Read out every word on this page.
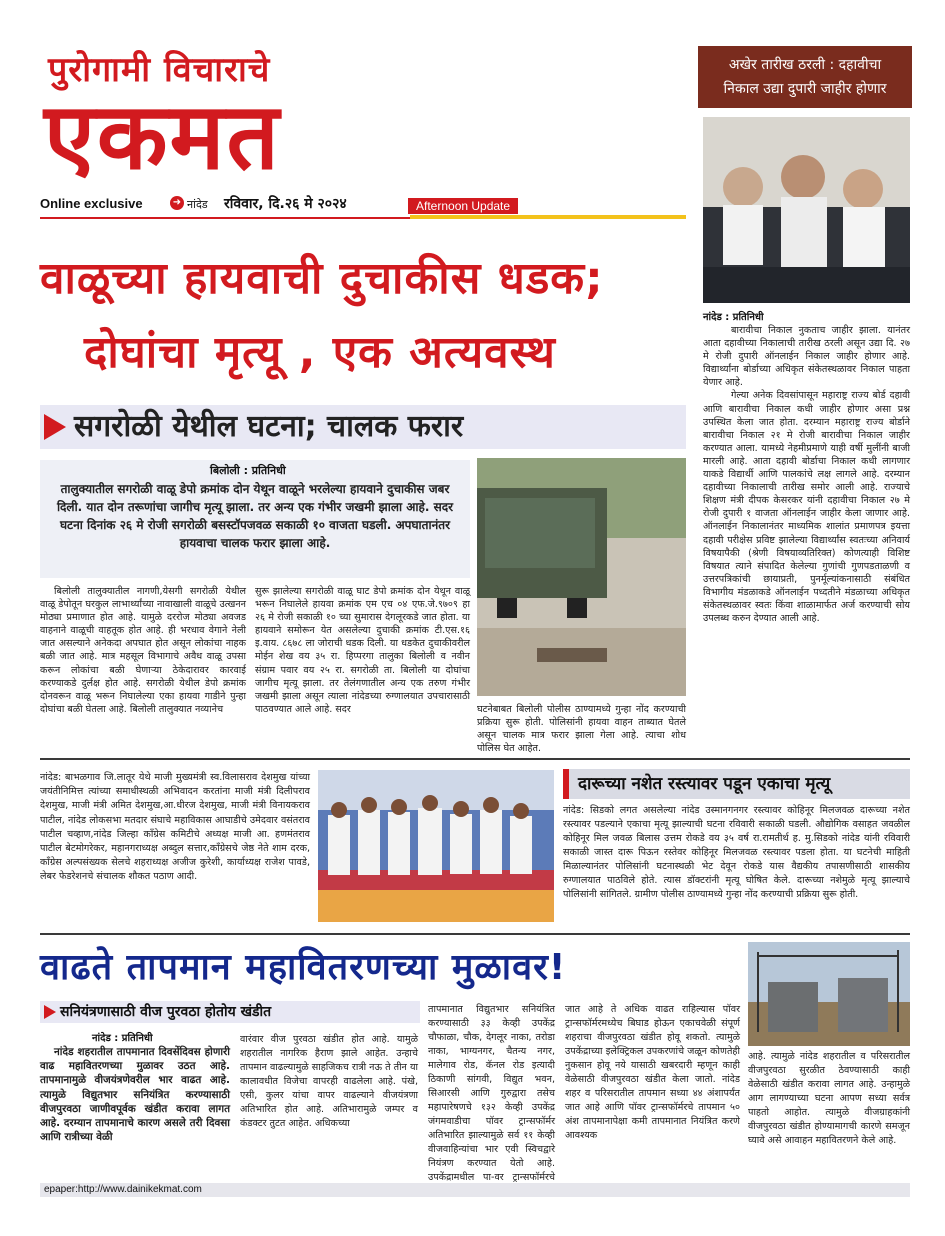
पुरोगामी विचाराचे
एकमत
Online exclusive	➜ नांदेड रविवार, दि.२६ मे २०२४	Afternoon Update
अखेर तारीख ठरली : दहावीचा
निकाल उद्या दुपारी जाहीर होणार
नांदेड : प्रतिनिधी

बारावीचा निकाल नुकताच जाहीर झाला. यानंतर आता दहावीच्या निकालाची तारीख ठरली असून उद्या दि. २७ मे रोजी दुपारी ऑनलाईन निकाल जाहीर होणार आहे. विद्यार्थ्यांना बोर्डाच्या अधिकृत संकेतस्थळावर निकाल पाहता येणार आहे.

गेल्या अनेक दिवसांपासून महाराष्ट्र राज्य बोर्ड दहावी आणि बारावीचा निकाल कधी जाहीर होणार असा प्रश्न उपस्थित केला जात होता. दरम्यान महाराष्ट्र राज्य बोर्डाने बारावीचा निकाल २१ मे रोजी बारावीचा निकाल जाहीर करण्यात आला. यामध्ये नेहमीप्रमाणे याही वर्षी मुलींनी बाजी मारली आहे. आता दहावी बोर्डाचा निकाल कधी लागणार याकडे विद्यार्थी आणि पालकांचे लक्ष लागले आहे. दरम्यान दहावीच्या निकालाची तारीख समोर आली आहे. राज्याचे शिक्षण मंत्री दीपक केसरकर यांनी दहावीचा निकाल २७ मे रोजी दुपारी १ वाजता ऑनलाईन जाहीर केला जाणार आहे. ऑनलाईन निकालानंतर माध्यमिक शालांत प्रमाणपत्र इयत्ता दहावी परीक्षेस प्रविष्ट झालेल्या विद्यार्थ्यांस स्वतःच्या अनिवार्य विषयापैकी (श्रेणी विषयाव्यतिरिक्त) कोणत्याही विशिष्ट विषयात त्याने संपादित केलेल्या गुणांची गुणपडताळणी व उत्तरपत्रिकांची छायाप्रती, पुनर्मूल्यांकनासाठी संबंधित विभागीय मंडळाकडे ऑनलाईन पध्दतीने मंडळाच्या अधिकृत संकेतस्थळावर स्वतः किंवा शाळामार्फत अर्ज करण्याची सोय उपलब्ध करुन देण्यात आली आहे.

वाळूच्या हायवाची दुचाकीस धडक;
दोघांचा मृत्यू , एक अत्यवस्थ
सगरोळी येथील घटना; चालक फरार
बिलोली : प्रतिनिधी
तालुक्यातील सगरोळी वाळू डेपो क्रमांक दोन येथून वाळूने भरलेल्या हायवाने दुचाकीस जबर दिली. यात दोन तरूणांचा जागीच मृत्यू झाला. तर अन्य एक गंभीर जखमी झाला आहे. सदर घटना दिनांक २६ मे रोजी सगरोळी बसस्टॉपजवळ सकाळी १० वाजता घडली. अपघातानंतर हायवाचा चालक फरार झाला आहे.

बिलोली तालुक्यातील नागणी,येसगी सगरोळी येथील वाळू डेपोतून घरकुल लाभार्थ्यांच्या नावाखाली वाळूचे उत्खनन मोठ्या प्रमाणात होत आहे. यामुळे दररोज मोठ्या अवजड वाहनाने वाळूची वाहतूक होत आहे. ही भरधाव वेगाने नेली जात असल्याने अनेकदा अपघात होत असून लोकांचा नाहक बळी जात आहे. मात्र महसूल विभागाचे अवैध वाळू उपसा करून लोकांचा बळी घेणाऱ्या ठेकेदारावर कारवाई करण्याकडे दुर्लक्ष होत आहे. सगरोळी येथील डेपो क्रमांक दोनवरून वाळू भरून निघालेल्या एका हायवा गाडीने पुन्हा दोघांचा बळी घेतला आहे. बिलोली तालुक्यात नव्यानेच

सुरू झालेल्या सगरोळी वाळू घाट डेपो क्रमांक दोन येथून वाळू भरून निघालेले हायवा क्रमांक एम एच ०४ एफ.जे.९७०९ हा २६ मे रोजी सकाळी १० च्या सुमारास देगलूरकडे जात होता. या हायवाने समोरून येत असलेल्या दुचाकी क्रमांक टी.एस.१६ इ.वाय. ८६७८ ला जोराची धडक दिली. या धडकेत दुचाकीवरील मोईन शेख वय ३५ रा. हिप्परगा तालुका बिलोली व नवीन संग्राम पवार वय २५ रा. सगरोळी ता. बिलोली या दोघांचा जागीच मृत्यू झाला. तर तेलंगणातील अन्य एक तरुण गंभीर जखमी झाला असून त्याला नांदेडच्या रुग्णालयात उपचारासाठी पाठवण्यात आले आहे. सदर	घटनेबाबत बिलोली पोलीस ठाण्यामध्ये गुन्हा नोंद करण्याची प्रक्रिया सुरू होती. पोलिसांनी हायवा वाहन ताब्यात घेतले असून चालक मात्र फरार झाला गेला आहे. त्याचा शोध पोलिस घेत आहेत.

नांदेड: बाभळगाव जि.लातूर येथे माजी मुख्यमंत्री स्व.विलासराव देशमुख यांच्या जयंतीनिमित्त त्यांच्या समाधीस्थळी अभिवादन करतांना माजी मंत्री दिलीपराव देशमुख, माजी मंत्री अमित देशमुख,आ.धीरज देशमुख, माजी मंत्री विनायकराव पाटील, नांदेड लोकसभा मतदार संघाचे महाविकास आघाडीचे उमेदवार वसंतराव पाटील चव्हाण,नांदेड जिल्हा काँग्रेस कमिटीचे अध्यक्ष माजी आ. हणमंतराव पाटील बेटमोगरेकर, महानगराध्यक्ष अब्दुल सत्तार,काँग्रेसचे जेष्ठ नेते शाम दरक, काँग्रेस अल्पसंख्यक सेलचे शहराध्यक्ष अजीज कुरेशी, कार्याध्यक्ष राजेश पावडे, लेबर फेडरेशनचे संचालक शौकत पठाण आदी.

दारूच्या नशेत रस्त्यावर पडून एकाचा मृत्यू

नांदेड: सिडको लगत असलेल्या नांदेड उस्मानगनगर रस्त्यावर कोहिनूर मिलजवळ दारूच्या नशेत रस्त्यावर पडल्याने एकाचा मृत्यू झाल्याची घटना रविवारी सकाळी घडली. औद्योगिक वसाहत जवळील कोहिनूर मिल जवळ बिलास उत्तम रोकडे वय ३५ वर्ष रा.रामतीर्थ ह. मु.सिडको नांदेड यांनी रविवारी सकाळी जास्त दारू पिऊन रस्तेवर कोहिनूर मिलजवळ रस्त्यावर पडला होता. या घटनेची माहिती मिळाल्यानंतर पोलिसांनी घटनास्थळी भेट देवून रोकडे यास वैद्यकीय तपासणीसाठी शासकीय रुग्णालयात पाठविले होते. त्यास डॉक्टरांनी मृत्यू घोषित केले. दारूच्या नशेमुळे मृत्यू झाल्याचे पोलिसांनी सांगितले. ग्रामीण पोलीस ठाण्यामध्ये गुन्हा नोंद करण्याची प्रक्रिया सुरू होती.

वाढते तापमान महावितरणच्या मुळावर!
सनियंत्रणासाठी वीज पुरवठा होतोय खंडीत
नांदेड : प्रतिनिधी

नांदेड शहरातील तापमानात दिवसेंदिवस होणारी वाढ महावितरणच्या मुळावर उठत आहे. तापमानामुळे वीजयंत्रणेवरील भार वाढत आहे. त्यामुळे विद्युतभार सनियंत्रित करण्यासाठी वीजपुरवठा जाणीवपूर्वक खंडीत करावा लागत आहे. दरम्यान तापमानाचे कारण असले तरी दिवसा आणि रात्रीच्या वेळी

वारंवार वीज पुरवठा खंडीत होत आहे. यामुळे शहरातील नागरिक हैराण झाले आहेत. उन्हाचे तापमान वाढल्यामुळे साहजिकच रात्री नऊ ते तीन या कालावधीत विजेचा वापरही वाढलेला आहे. पंखे, एसी, कुलर यांचा वापर वाढल्याने वीजयंत्रणा अतिभारित होत आहे. अतिभारामुळे जम्पर व कंडक्टर तुटत आहेत. अधिकच्या

तापमानात विद्युतभार सनियंत्रित करण्यासाठी ३३ केव्ही उपकेंद्र चौफाळा, चौक, देगलूर नाका, तरोडा नाका, भाग्यनगर, चैतन्य नगर, मालेगाव रोड, कॅनल रोड इत्यादी ठिकाणी सांगवी, विद्युत भवन, सिआरसी आणि गुरुद्वारा तसेच महापारेषणचे १३२ केव्ही उपकेंद्र जंगमवाडीचा पॉवर ट्रान्सफॉर्मर अतिभारित झाल्यामुळे सर्व ११ केव्ही वीजवाहिन्यांचा भार एवी स्विचद्वारे नियंत्रण करण्यात येतो आहे. उपकेंद्रामधील पा-वर ट्रान्सफॉर्मरचे

जात आहे ते अधिक वाढत राहिल्यास पॉवर ट्रान्सफॉर्मरमध्येच बिघाड होऊन एकाचवेळी संपूर्ण शहराचा वीजपुरवठा खंडीत होवू शकतो. त्यामुळे उपकेंद्राच्या इलेक्ट्रिकल उपकरणांचे जळून कोणतेही नुकसान होवू नये यासाठी खबरदारी म्हणून काही वेळेसाठी वीजपुरवठा खंडीत केला जातो. नांदेड शहर व परिसरातील तापमान सध्या ४४ अंशापर्यंत जात आहे आणि पॉवर ट्रान्सफॉर्मरचे तापमान ५० अंश तापमानापेक्षा कमी तापमानात नियंत्रित करणे आवश्यक

आहे. त्यामुळे नांदेड शहरातील व परिसरातील वीजपुरवठा सुरळीत ठेवण्यासाठी काही वेळेसाठी खंडीत करावा लागत आहे. उन्हामुळे आग लागण्याच्या घटना आपण सध्या सर्वत्र पाहतो आहोत. त्यामुळे वीजग्राहकांनी वीजपुरवठा खंडीत होण्यामागची कारणे समजून घ्यावे असे आवाहन महावितरणने केले आहे.

epaper:http://www.dainikekmat.com
